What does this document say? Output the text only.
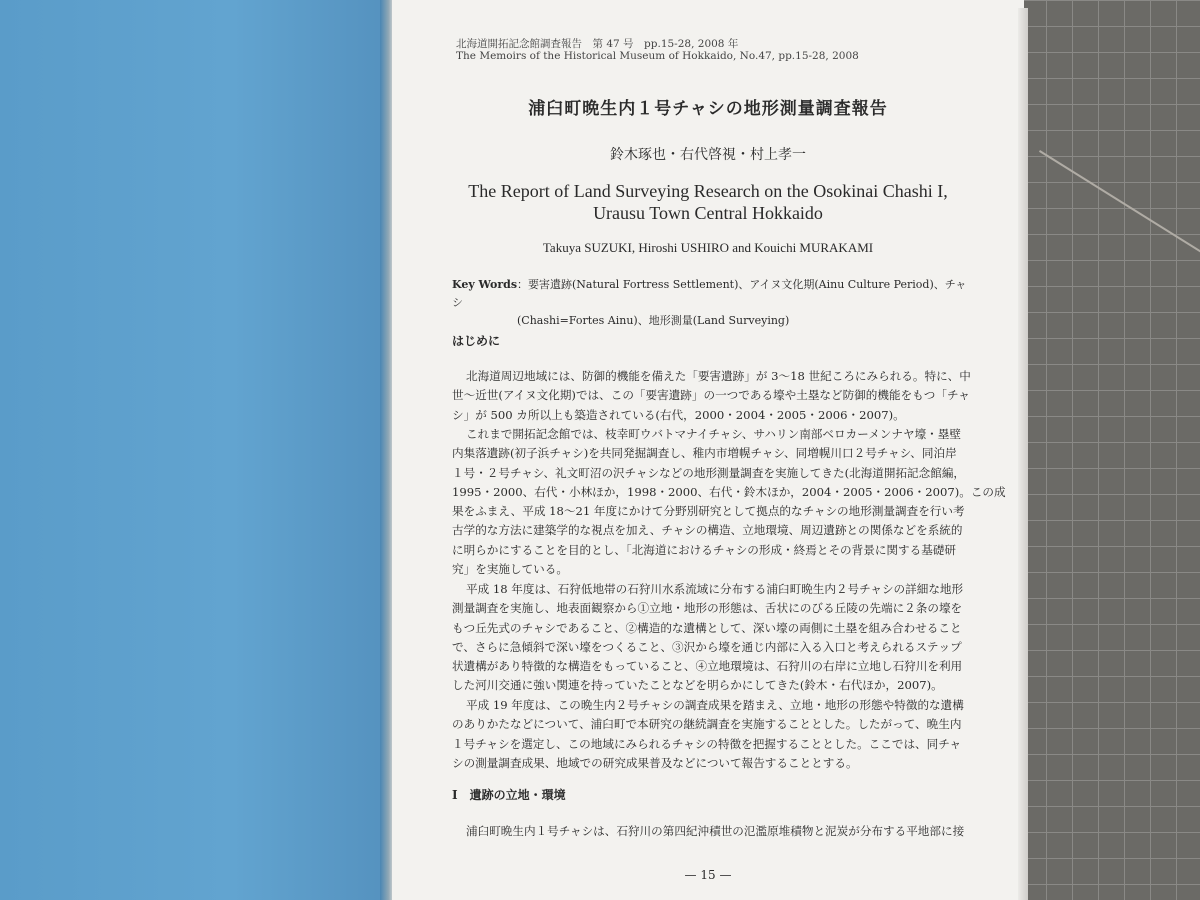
北海道開拓記念館調査報告　第 47 号　pp.15-28, 2008 年
The Memoirs of the Historical Museum of Hokkaido, No.47, pp.15-28, 2008
浦臼町晩生内１号チャシの地形測量調査報告
鈴木琢也・右代啓視・村上孝一
The Report of Land Surveying Research on the Osokinai Chashi I,
Urausu Town Central Hokkaido
Takuya SUZUKI, Hiroshi USHIRO and Kouichi MURAKAMI
Key Words：要害遺跡(Natural Fortress Settlement)、アイヌ文化期(Ainu Culture Period)、チャシ
(Chashi=Fortes Ainu)、地形測量(Land Surveying)
はじめに
北海道周辺地域には、防御的機能を備えた「要害遺跡」が 3〜18 世紀ころにみられる。特に、中
世〜近世(アイヌ文化期)では、この「要害遺跡」の一つである壕や土塁など防御的機能をもつ「チャ
シ」が 500 カ所以上も築造されている(右代，2000・2004・2005・2006・2007)。
これまで開拓記念館では、枝幸町ウバトマナイチャシ、サハリン南部ベロカーメンナヤ壕・塁壁
内集落遺跡(初子浜チャシ)を共同発掘調査し、稚内市増幌チャシ、同増幌川口２号チャシ、同泊岸
１号・２号チャシ、礼文町沼の沢チャシなどの地形測量調査を実施してきた(北海道開拓記念館編，
1995・2000、右代・小林ほか，1998・2000、右代・鈴木ほか，2004・2005・2006・2007)。この成
果をふまえ、平成 18〜21 年度にかけて分野別研究として拠点的なチャシの地形測量調査を行い考
古学的な方法に建築学的な視点を加え、チャシの構造、立地環境、周辺遺跡との関係などを系統的
に明らかにすることを目的とし、「北海道におけるチャシの形成・終焉とその背景に関する基礎研
究」を実施している。
平成 18 年度は、石狩低地帯の石狩川水系流域に分布する浦臼町晩生内２号チャシの詳細な地形
測量調査を実施し、地表面観察から①立地・地形の形態は、舌状にのびる丘陵の先端に２条の壕を
もつ丘先式のチャシであること、②構造的な遺構として、深い壕の両側に土塁を組み合わせること
で、さらに急傾斜で深い壕をつくること、③沢から壕を通じ内部に入る入口と考えられるステップ
状遺構があり特徴的な構造をもっていること、④立地環境は、石狩川の右岸に立地し石狩川を利用
した河川交通に強い関連を持っていたことなどを明らかにしてきた(鈴木・右代ほか，2007)。
平成 19 年度は、この晩生内２号チャシの調査成果を踏まえ、立地・地形の形態や特徴的な遺構
のありかたなどについて、浦臼町で本研究の継続調査を実施することとした。したがって、晩生内
１号チャシを選定し、この地域にみられるチャシの特徴を把握することとした。ここでは、同チャ
シの測量調査成果、地域での研究成果普及などについて報告することとする。
Ⅰ　遺跡の立地・環境
浦臼町晩生内１号チャシは、石狩川の第四紀沖積世の氾濫原堆積物と泥炭が分布する平地部に接
— 15 —
